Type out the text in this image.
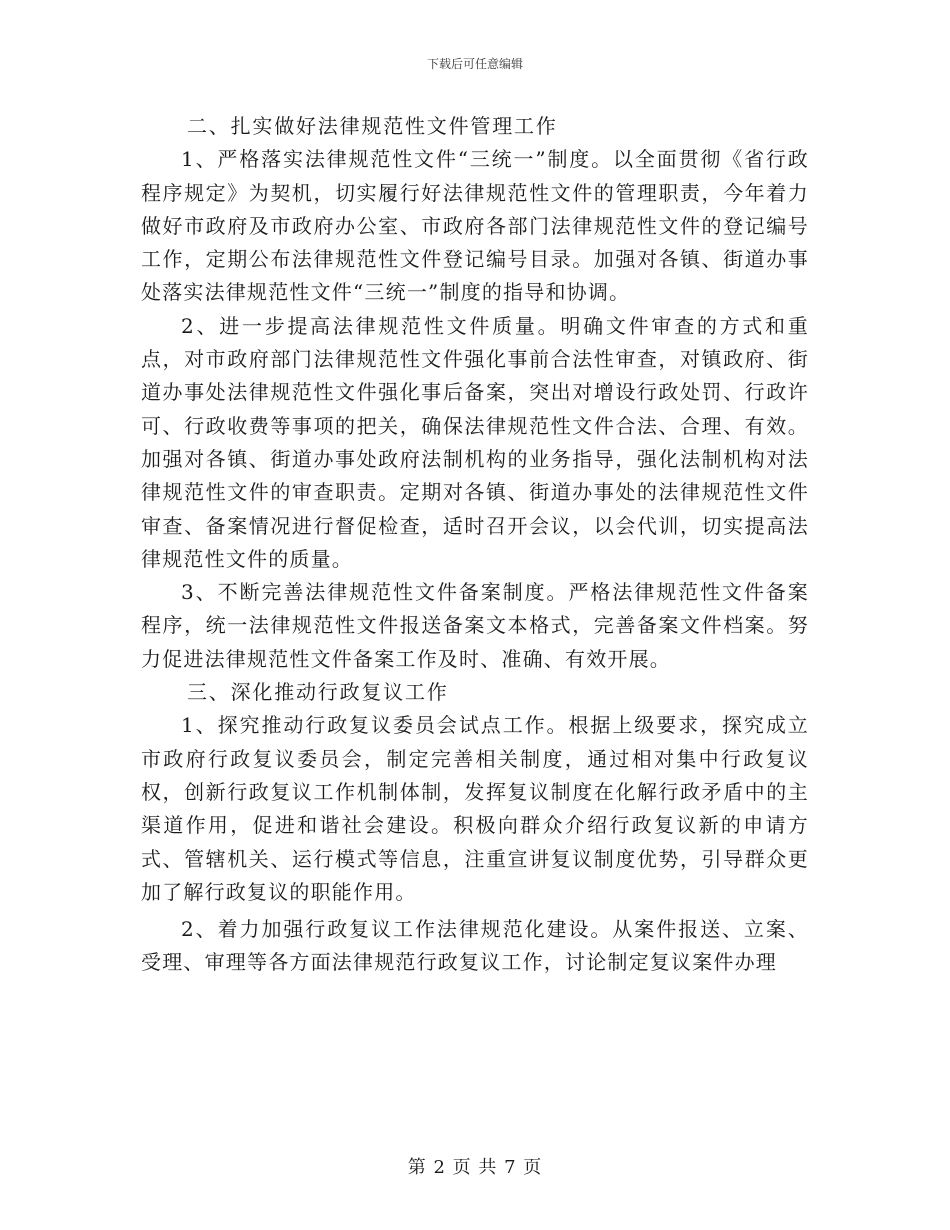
下载后可任意编辑

二、扎实做好法律规范性文件管理工作

1、严格落实法律规范性文件“三统一”制度。以全面贯彻《省行政程序规定》为契机，切实履行好法律规范性文件的管理职责，今年着力做好市政府及市政府办公室、市政府各部门法律规范性文件的登记编号工作，定期公布法律规范性文件登记编号目录。加强对各镇、街道办事处落实法律规范性文件“三统一”制度的指导和协调。

2、进一步提高法律规范性文件质量。明确文件审查的方式和重点，对市政府部门法律规范性文件强化事前合法性审查，对镇政府、街道办事处法律规范性文件强化事后备案，突出对增设行政处罚、行政许可、行政收费等事项的把关，确保法律规范性文件合法、合理、有效。加强对各镇、街道办事处政府法制机构的业务指导，强化法制机构对法律规范性文件的审查职责。定期对各镇、街道办事处的法律规范性文件审查、备案情况进行督促检查，适时召开会议，以会代训，切实提高法律规范性文件的质量。

3、不断完善法律规范性文件备案制度。严格法律规范性文件备案程序，统一法律规范性文件报送备案文本格式，完善备案文件档案。努力促进法律规范性文件备案工作及时、准确、有效开展。

三、深化推动行政复议工作

1、探究推动行政复议委员会试点工作。根据上级要求，探究成立市政府行政复议委员会，制定完善相关制度，通过相对集中行政复议权，创新行政复议工作机制体制，发挥复议制度在化解行政矛盾中的主渠道作用，促进和谐社会建设。积极向群众介绍行政复议新的申请方式、管辖机关、运行模式等信息，注重宣讲复议制度优势，引导群众更加了解行政复议的职能作用。

2、着力加强行政复议工作法律规范化建设。从案件报送、立案、受理、审理等各方面法律规范行政复议工作，讨论制定复议案件办理

第 2 页 共 7 页
